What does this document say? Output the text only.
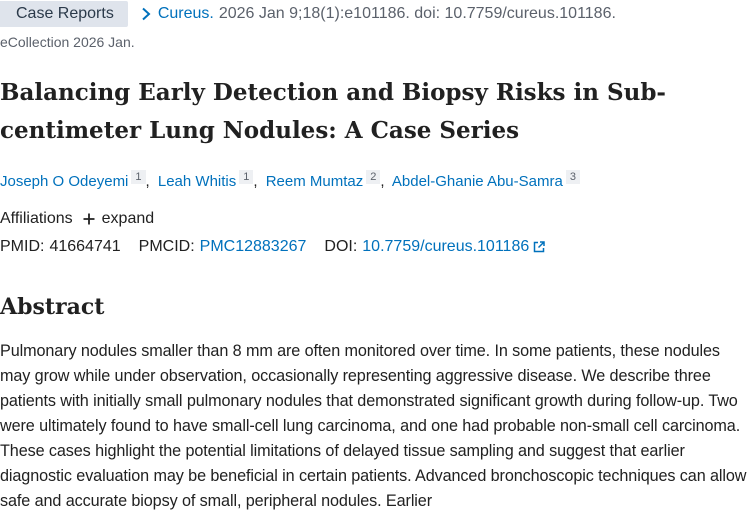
Case Reports	Cureus. 2026 Jan 9;18(1):e101186. doi: 10.7759/cureus.101186.
eCollection 2026 Jan.
Balancing Early Detection and Biopsy Risks in Sub-centimeter Lung Nodules: A Case Series
Joseph O Odeyemi 1 , Leah Whitis 1 , Reem Mumtaz 2 , Abdel-Ghanie Abu-Samra 3
Affiliations expand
PMID: 41664741 PMCID: PMC12883267 DOI: 10.7759/cureus.101186
Abstract

Pulmonary nodules smaller than 8 mm are often monitored over time. In some patients, these nodules may grow while under observation, occasionally representing aggressive disease. We describe three patients with initially small pulmonary nodules that demonstrated significant growth during follow-up. Two were ultimately found to have small-cell lung carcinoma, and one had probable non-small cell carcinoma. These cases highlight the potential limitations of delayed tissue sampling and suggest that earlier diagnostic evaluation may be beneficial in certain patients. Advanced bronchoscopic techniques can allow safe and accurate biopsy of small, peripheral nodules. Earlier
